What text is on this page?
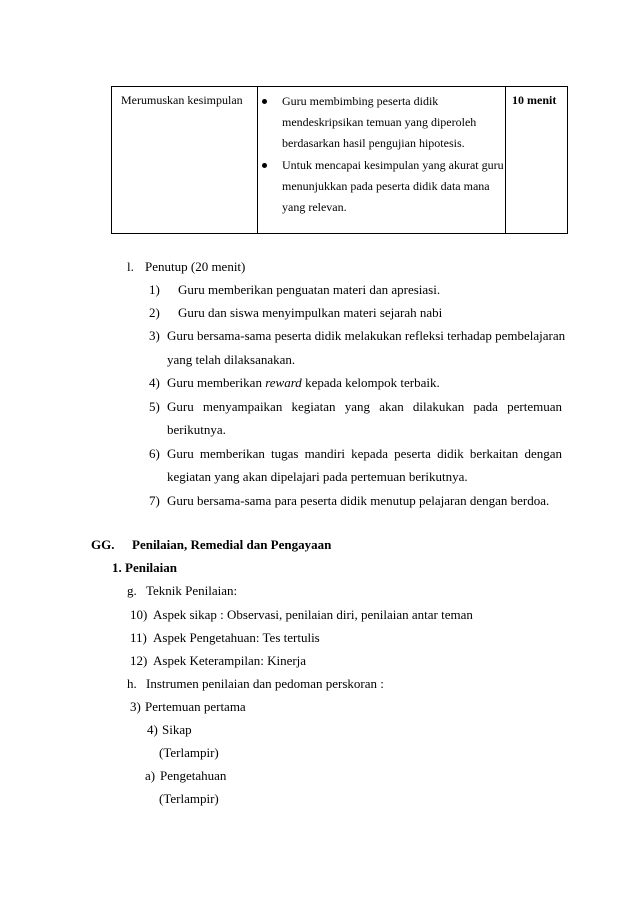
Merumuskan kesimpulan	Guru membimbing peserta didik mendeskripsikan temuan yang diperoleh berdasarkan hasil pengujian hipotesis.
Untuk mencapai kesimpulan yang akurat guru menunjukkan pada peserta didik data mana yang relevan.
10 menit
l. Penutup (20 menit)
1) Guru memberikan penguatan materi dan apresiasi.
2) Guru dan siswa menyimpulkan materi sejarah nabi
3) Guru bersama-sama peserta didik melakukan refleksi terhadap pembelajaran
yang telah dilaksanakan.
4) Guru memberikan reward kepada kelompok terbaik.
5) Guru menyampaikan kegiatan yang akan dilakukan pada pertemuan
berikutnya.
6) Guru memberikan tugas mandiri kepada peserta didik berkaitan dengan
kegiatan yang akan dipelajari pada pertemuan berikutnya.
7) Guru bersama-sama para peserta didik menutup pelajaran dengan berdoa.
GG. Penilaian, Remedial dan Pengayaan
1. Penilaian
g. Teknik Penilaian:
10) Aspek sikap : Observasi, penilaian diri, penilaian antar teman
11) Aspek Pengetahuan: Tes tertulis
12) Aspek Keterampilan: Kinerja
h. Instrumen penilaian dan pedoman perskoran :
3) Pertemuan pertama
4) Sikap
(Terlampir)
a) Pengetahuan
(Terlampir)
